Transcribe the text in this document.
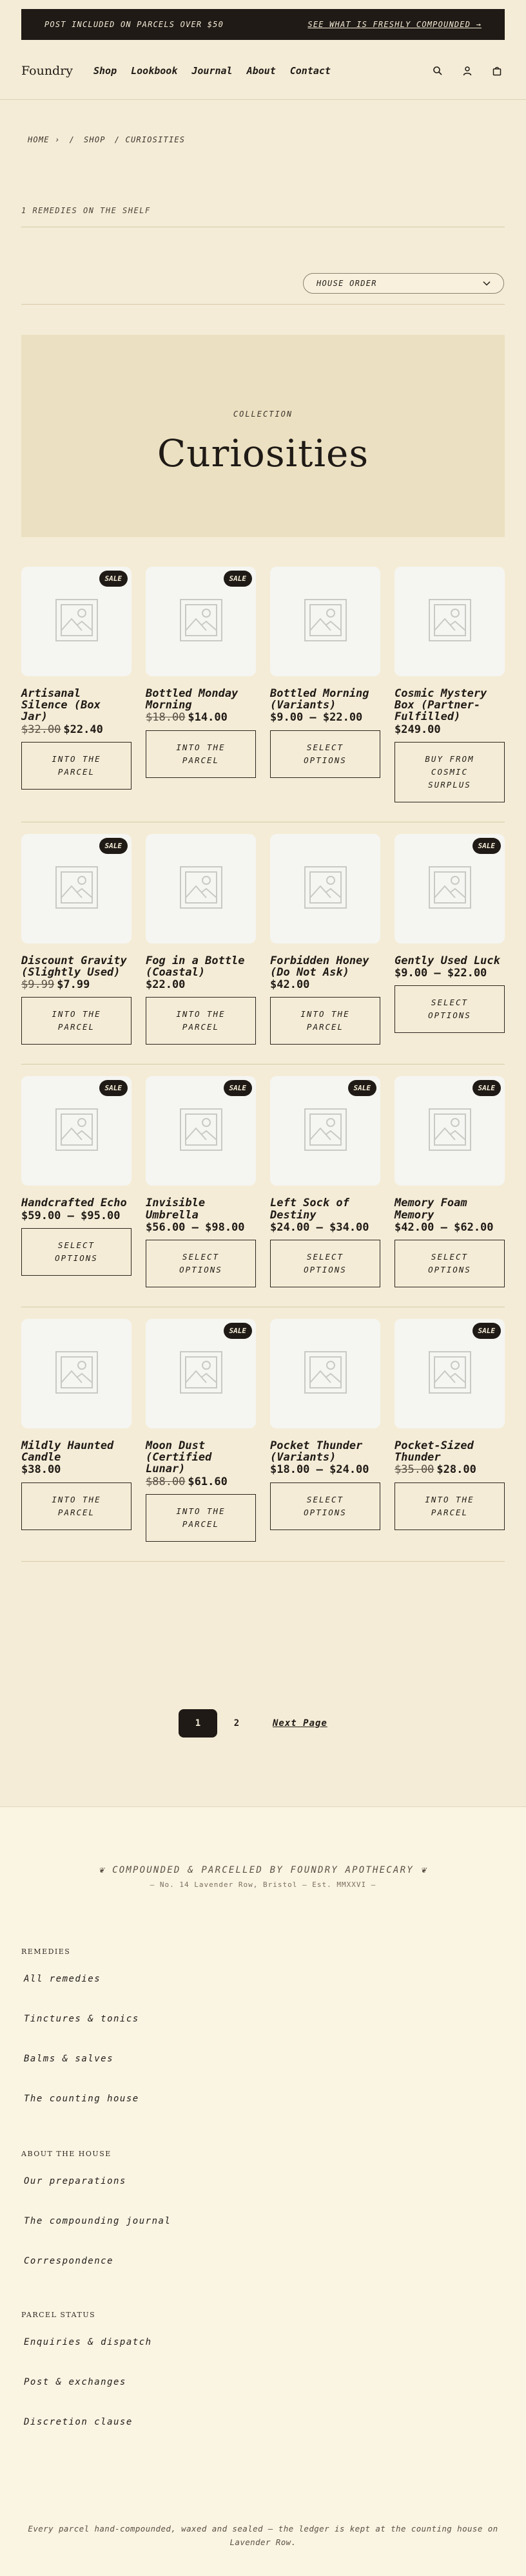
POST INCLUDED ON PARCELS OVER $50	SEE WHAT IS FRESHLY COMPOUNDED →
Foundry	Shop Lookbook Journal About Contact
HOME › / SHOP / CURIOSITIES
1 REMEDIES ON THE SHELF
HOUSE ORDER
COLLECTION
Curiosities
SALE
Artisanal Silence (Box Jar)
$32.00 $22.40
INTO THE PARCEL
SALE
Bottled Monday Morning
$18.00 $14.00
INTO THE PARCEL
Bottled Morning (Variants)
$9.00 – $22.00
SELECT OPTIONS
Cosmic Mystery Box (Partner-Fulfilled)
$249.00
BUY FROM COSMIC SURPLUS
SALE
Discount Gravity (Slightly Used)
$9.99 $7.99
INTO THE PARCEL
Fog in a Bottle (Coastal)
$22.00
INTO THE PARCEL
Forbidden Honey (Do Not Ask)
$42.00
INTO THE PARCEL
SALE
Gently Used Luck
$9.00 – $22.00
SELECT OPTIONS
SALE
Handcrafted Echo
$59.00 – $95.00
SELECT OPTIONS
SALE
Invisible Umbrella
$56.00 – $98.00
SELECT OPTIONS
SALE
Left Sock of Destiny
$24.00 – $34.00
SELECT OPTIONS
SALE
Memory Foam Memory
$42.00 – $62.00
SELECT OPTIONS
Mildly Haunted Candle
$38.00
INTO THE PARCEL
SALE
Moon Dust (Certified Lunar)
$88.00 $61.60
INTO THE PARCEL
Pocket Thunder (Variants)
$18.00 – $24.00
SELECT OPTIONS
SALE
Pocket-Sized Thunder
$35.00 $28.00
INTO THE PARCEL
1	2	Next Page
❦ COMPOUNDED & PARCELLED BY FOUNDRY APOTHECARY ❦
— No. 14 Lavender Row, Bristol — Est. MMXXVI —
REMEDIES
All remedies
Tinctures & tonics
Balms & salves
The counting house
ABOUT THE HOUSE
Our preparations
The compounding journal
Correspondence
PARCEL STATUS
Enquiries & dispatch
Post & exchanges
Discretion clause
Every parcel hand-compounded, waxed and sealed — the ledger is kept at the counting house on Lavender Row.
